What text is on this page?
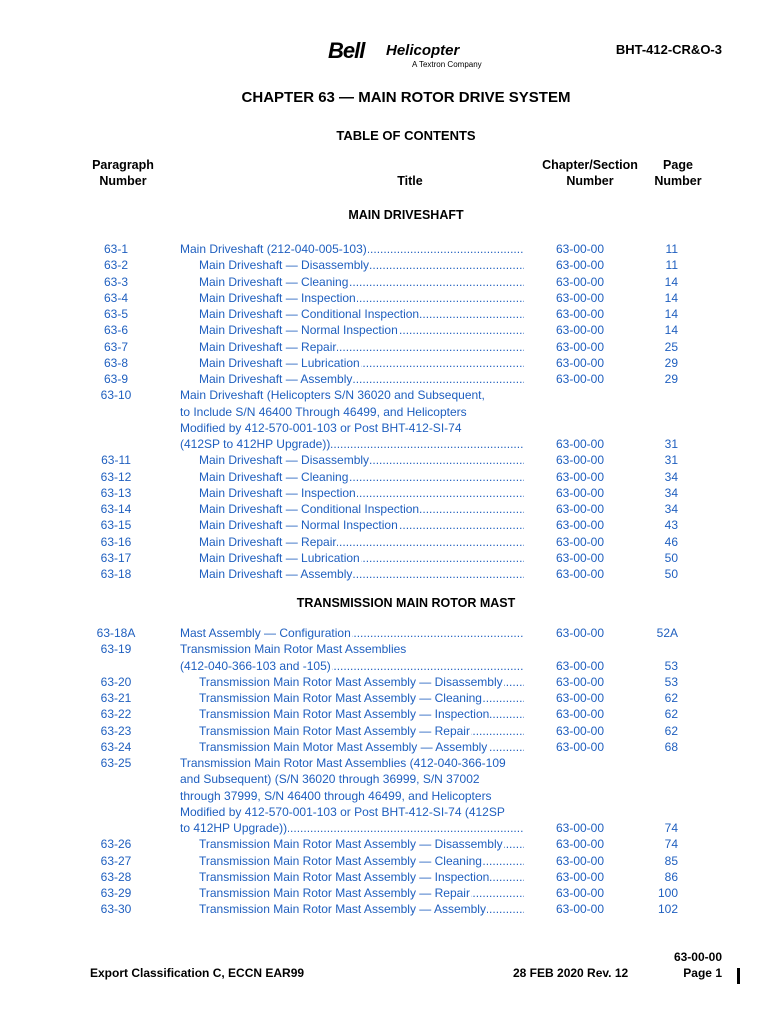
Bell Helicopter
A Textron Company
BHT-412-CR&O-3
CHAPTER 63 — MAIN ROTOR DRIVE SYSTEM
TABLE OF CONTENTS
Paragraph
Number	Title
Chapter/Section
Number
Page
Number
MAIN DRIVESHAFT
63-1	Main Driveshaft (212-040-005-103) .....	63-00-00	11
63-2	Main Driveshaft — Disassembly .....	63-00-00	11
63-3	Main Driveshaft — Cleaning .....	63-00-00	14
63-4	Main Driveshaft — Inspection .....	63-00-00	14
63-5	Main Driveshaft — Conditional Inspection .....	63-00-00	14
63-6	Main Driveshaft — Normal Inspection .....	63-00-00	14
63-7	Main Driveshaft — Repair .....	63-00-00	25
63-8	Main Driveshaft — Lubrication .....	63-00-00	29
63-9	Main Driveshaft — Assembly .....	63-00-00	29
63-10	Main Driveshaft (Helicopters S/N 36020 and Subsequent,
to Include S/N 46400 Through 46499, and Helicopters
Modified by 412-570-001-103 or Post BHT-412-SI-74
(412SP to 412HP Upgrade)) .....	63-00-00	31
63-11	Main Driveshaft — Disassembly .....	63-00-00	31
63-12	Main Driveshaft — Cleaning .....	63-00-00	34
63-13	Main Driveshaft — Inspection .....	63-00-00	34
63-14	Main Driveshaft — Conditional Inspection .....	63-00-00	34
63-15	Main Driveshaft — Normal Inspection .....	63-00-00	43
63-16	Main Driveshaft — Repair .....	63-00-00	46
63-17	Main Driveshaft — Lubrication .....	63-00-00	50
63-18	Main Driveshaft — Assembly .....	63-00-00	50
TRANSMISSION MAIN ROTOR MAST
63-18A	Mast Assembly — Configuration .....	63-00-00	52A
63-19	Transmission Main Rotor Mast Assemblies
(412-040-366-103 and -105) .....	63-00-00	53
63-20	Transmission Main Rotor Mast Assembly — Disassembly .....	63-00-00	53
63-21	Transmission Main Rotor Mast Assembly — Cleaning .....	63-00-00	62
63-22	Transmission Main Rotor Mast Assembly — Inspection .....	63-00-00	62
63-23	Transmission Main Rotor Mast Assembly — Repair .....	63-00-00	62
63-24	Transmission Main Motor Mast Assembly — Assembly .....	63-00-00	68
63-25	Transmission Main Rotor Mast Assemblies (412-040-366-109
and Subsequent) (S/N 36020 through 36999, S/N 37002
through 37999, S/N 46400 through 46499, and Helicopters
Modified by 412-570-001-103 or Post BHT-412-SI-74 (412SP
to 412HP Upgrade)) .....	63-00-00	74
63-26	Transmission Main Rotor Mast Assembly — Disassembly .....	63-00-00	74
63-27	Transmission Main Rotor Mast Assembly — Cleaning .....	63-00-00	85
63-28	Transmission Main Rotor Mast Assembly — Inspection .....	63-00-00	86
63-29	Transmission Main Rotor Mast Assembly — Repair .....	63-00-00	100
63-30	Transmission Main Rotor Mast Assembly — Assembly .....	63-00-00	102
63-00-00
Export Classification C, ECCN EAR99	28 FEB 2020 Rev. 12	Page 1
